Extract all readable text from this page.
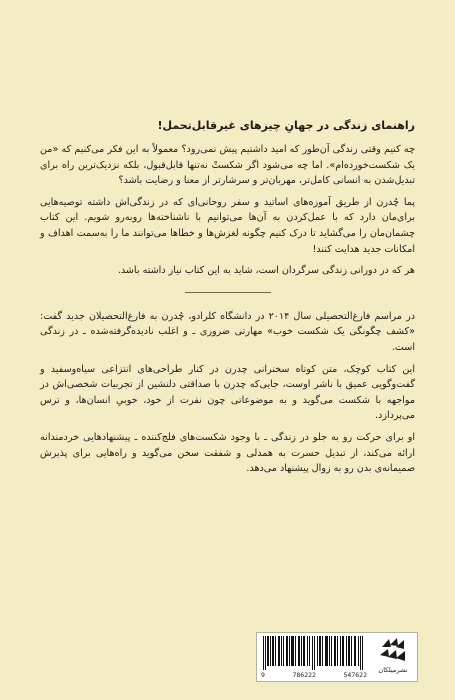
راهنمای زندگی در جهانِ چیزهای غیرقابل‌تحمل!

چه کنیم وقتی زندگی آن‌طور که امید داشتیم پیش نمی‌رود؟ معمولاً به این فکر می‌کنیم که «من یک شکست‌خورده‌ام». اما چه می‌شود اگر شکستْ نه‌تنها قابل‌قبول، بلکه نزدیک‌ترین راه برای تبدیل‌شدن به انسانی کامل‌تر، مهربان‌تر و سرشارتر از معنا و رضایت باشد؟

پما چُدرن از طریق آموزه‌های اساتید و سفر روحانی‌ای که در زندگی‌اش داشته توصیه‌هایی برای‌مان دارد که با عمل‌کردن به آن‌ها می‌توانیم با ناشناخته‌ها روبه‌رو شویم. این کتاب چشمان‌مان را می‌گشاید تا درک کنیم چگونه لغزش‌ها و خطاها می‌توانند ما را به‌سمت اهداف و امکانات جدید هدایت کنند!

هر که در دورانی زندگی سرگردان است، شاید به این کتاب نیاز داشته باشد.

در مراسم فارغ‌التحصیلی سال ۲۰۱۴ در دانشگاه کلرادو، چُدرن به فارغ‌التحصیلان جدید گفت: «کشف چگونگی یک شکست خوب» مهارتی ضروری ـ و اغلب نادیده‌گرفته‌شده ـ در زندگی است.

این کتاب کوچک، متن کوتاه سخنرانی چدرن در کنار طراحی‌های انتزاعی سیاه‌وسفید و گفت‌وگویی عمیق با ناشر اوست، جایی‌که چدرن با صداقتی دلنشین از تجربیات شخصی‌اش در مواجهه با شکست می‌گوید و به موضوعاتی چون نفرت از خود، خوبیِ انسان‌ها، و ترس می‌پردازد.

او برای حرکت رو به جلو در زندگی ـ با وجود شکست‌های فلج‌کننده ـ پیشنهادهایی خردمندانه ارائه می‌کند، از تبدیل حسرت به همدلی و شفقت سخن می‌گوید و راه‌هایی برای پذیرش صمیمانه‌ی بدن رو به زوال پیشنهاد می‌دهد.

9	786222	547622
نشرمیلکان
